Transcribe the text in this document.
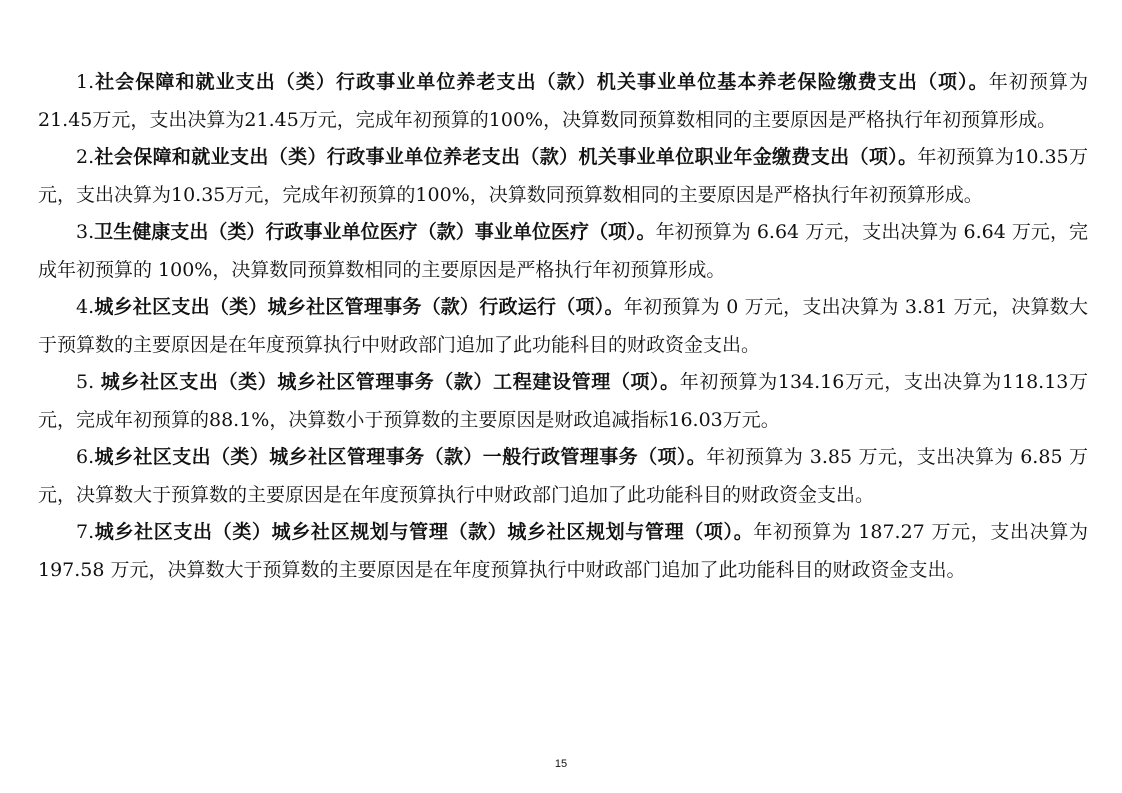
1.社会保障和就业支出（类）行政事业单位养老支出（款）机关事业单位基本养老保险缴费支出（项）。年初预算为21.45万元，支出决算为21.45万元，完成年初预算的100%，决算数同预算数相同的主要原因是严格执行年初预算形成。

2.社会保障和就业支出（类）行政事业单位养老支出（款）机关事业单位职业年金缴费支出（项）。年初预算为10.35万元，支出决算为10.35万元，完成年初预算的100%，决算数同预算数相同的主要原因是严格执行年初预算形成。

3.卫生健康支出（类）行政事业单位医疗（款）事业单位医疗（项）。年初预算为 6.64 万元，支出决算为 6.64 万元，完成年初预算的 100%，决算数同预算数相同的主要原因是严格执行年初预算形成。

4.城乡社区支出（类）城乡社区管理事务（款）行政运行（项）。年初预算为 0 万元，支出决算为 3.81 万元，决算数大于预算数的主要原因是在年度预算执行中财政部门追加了此功能科目的财政资金支出。

5. 城乡社区支出（类）城乡社区管理事务（款）工程建设管理（项）。年初预算为134.16万元，支出决算为118.13万元，完成年初预算的88.1%，决算数小于预算数的主要原因是财政追减指标16.03万元。

6.城乡社区支出（类）城乡社区管理事务（款）一般行政管理事务（项）。年初预算为 3.85 万元，支出决算为 6.85 万元，决算数大于预算数的主要原因是在年度预算执行中财政部门追加了此功能科目的财政资金支出。

7.城乡社区支出（类）城乡社区规划与管理（款）城乡社区规划与管理（项）。年初预算为 187.27 万元，支出决算为 197.58 万元，决算数大于预算数的主要原因是在年度预算执行中财政部门追加了此功能科目的财政资金支出。

15
